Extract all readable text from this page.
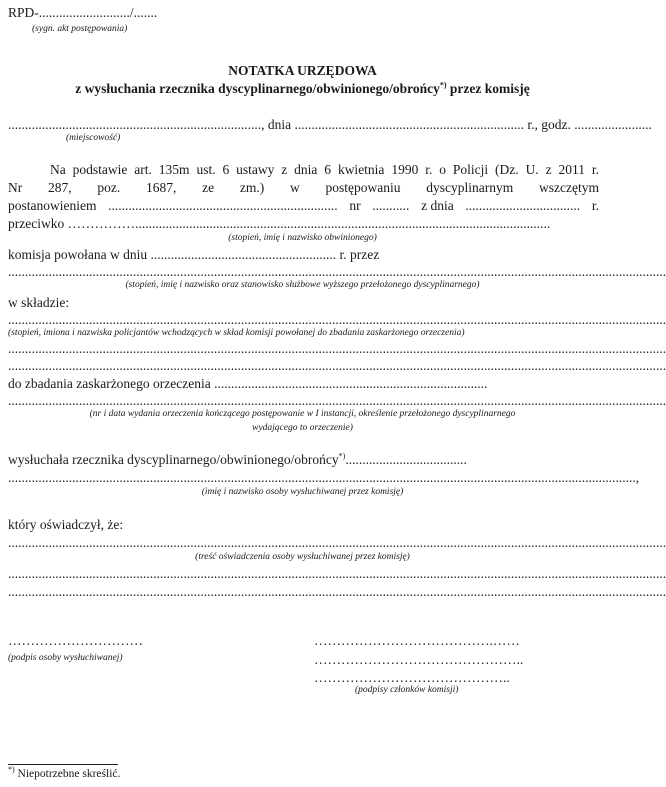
RPD-.........................../.......
(sygn. akt postępowania)
NOTATKA URZĘDOWA
z wysłuchania rzecznika dyscyplinarnego/obwinionego/obrońcy*) przez komisję
..........................................................................., dnia .................................................................... r., godz. .......................
(miejscowość)
Na podstawie art. 135m ust. 6 ustawy z dnia 6 kwietnia 1990 r. o Policji (Dz. U. z 2011 r.
Nr 287, poz. 1687, ze zm.) w postępowaniu dyscyplinarnym wszczętym
postanowieniem .................................................................... nr ........... z dnia .................................. r.
przeciwko ……………...........................................................................................................................
(stopień, imię i nazwisko obwinionego)
komisja powołana w dniu ....................................................... r. przez
...................................................................................................................................................................................................
(stopień, imię i nazwisko oraz stanowisko służbowe wyższego przełożonego dyscyplinarnego)
w składzie:
...................................................................................................................................................................................................
(stopień, imiona i nazwiska policjantów wchodzących w skład komisji powołanej do zbadania zaskarżonego orzeczenia)
...................................................................................................................................................................................................
...................................................................................................................................................................................................
do zbadania zaskarżonego orzeczenia .................................................................................
...................................................................................................................................................................................................
(nr i data wydania orzeczenia kończącego postępowanie w I instancji, określenie przełożonego dyscyplinarnego
wydającego to orzeczenie)
wysłuchała rzecznika dyscyplinarnego/obwinionego/obrońcy*)....................................
..........................................................................................................................................................................................,
(imię i nazwisko osoby wysłuchiwanej przez komisję)
który oświadczył, że:
...................................................................................................................................................................................................
(treść oświadczenia osoby wysłuchiwanej przez komisję)
...................................................................................................................................................................................................
...................................................................................................................................................................................................
…………………………
(podpis osoby wysłuchiwanej)
………………………………….……
………………………………………..
……………………………………..
(podpisy członków komisji)
*) Niepotrzebne skreślić.
